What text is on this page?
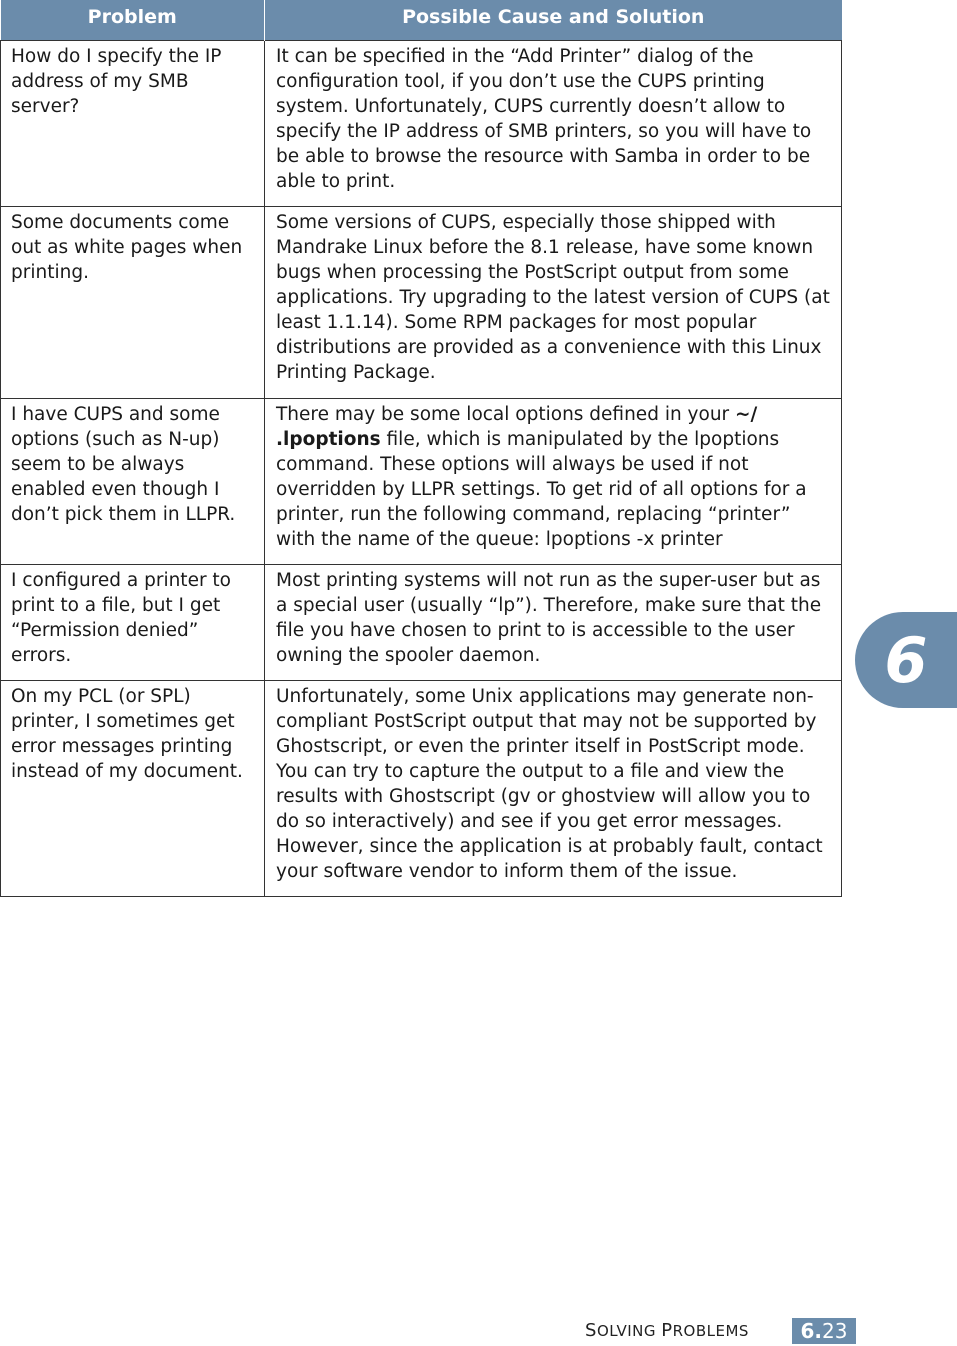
Problem	Possible Cause and Solution
How do I specify the IP address of my SMB server?	It can be specified in the “Add Printer” dialog of the configuration tool, if you don’t use the CUPS printing system. Unfortunately, CUPS currently doesn’t allow to specify the IP address of SMB printers, so you will have to be able to browse the resource with Samba in order to be able to print.
Some documents come out as white pages when printing.	Some versions of CUPS, especially those shipped with Mandrake Linux before the 8.1 release, have some known bugs when processing the PostScript output from some applications. Try upgrading to the latest version of CUPS (at least 1.1.14). Some RPM packages for most popular distributions are provided as a convenience with this Linux Printing Package.
I have CUPS and some options (such as N-up) seem to be always enabled even though I don’t pick them in LLPR.	There may be some local options defined in your ~/ .lpoptions file, which is manipulated by the lpoptions command. These options will always be used if not overridden by LLPR settings. To get rid of all options for a printer, run the following command, replacing “printer” with the name of the queue: lpoptions -x printer
I configured a printer to print to a file, but I get “Permission denied” errors.	Most printing systems will not run as the super-user but as a special user (usually “lp”). Therefore, make sure that the file you have chosen to print to is accessible to the user owning the spooler daemon.
On my PCL (or SPL) printer, I sometimes get error messages printing instead of my document.	Unfortunately, some Unix applications may generate non-compliant PostScript output that may not be supported by Ghostscript, or even the printer itself in PostScript mode. You can try to capture the output to a file and view the results with Ghostscript (gv or ghostview will allow you to do so interactively) and see if you get error messages. However, since the application is at probably fault, contact your software vendor to inform them of the issue.
6
SOLVING PROBLEMS	6. 23
